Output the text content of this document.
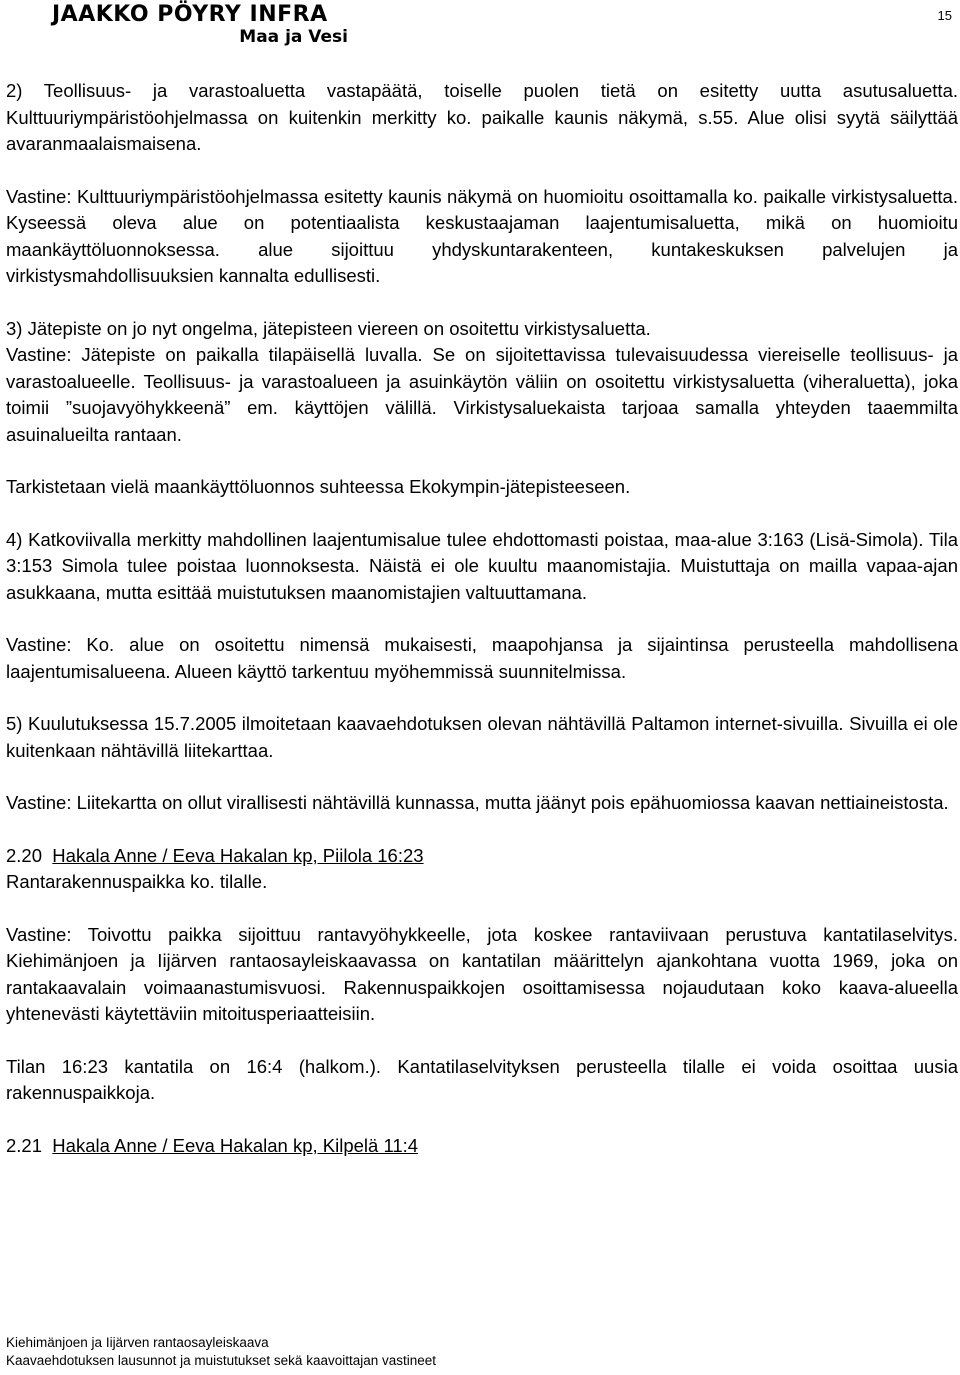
JAAKKO PÖYRY INFRA
Maa ja Vesi
15

2) Teollisuus- ja varastoaluetta vastapäätä, toiselle puolen tietä on esitetty uutta asutusaluetta. Kulttuuriympäristöohjelmassa on kuitenkin merkitty ko. paikalle kaunis näkymä, s.55. Alue olisi syytä säilyttää avaranmaalaismaisena.

Vastine: Kulttuuriympäristöohjelmassa esitetty kaunis näkymä on huomioitu osoittamalla ko. paikalle virkistysaluetta. Kyseessä oleva alue on potentiaalista keskustaajaman laajentumisaluetta, mikä on huomioitu maankäyttöluonnoksessa. alue sijoittuu yhdyskuntarakenteen, kuntakeskuksen palvelujen ja virkistysmahdollisuuksien kannalta edullisesti.

3) Jätepiste on jo nyt ongelma, jätepisteen viereen on osoitettu virkistysaluetta.

Vastine: Jätepiste on paikalla tilapäisellä luvalla. Se on sijoitettavissa tulevaisuudessa viereiselle teollisuus- ja varastoalueelle. Teollisuus- ja varastoalueen ja asuinkäytön väliin on osoitettu virkistysaluetta (viheraluetta), joka toimii ”suojavyöhykkeenä” em. käyttöjen välillä. Virkistysaluekaista tarjoaa samalla yhteyden taaemmilta asuinalueilta rantaan.

Tarkistetaan vielä maankäyttöluonnos suhteessa Ekokympin-jätepisteeseen.

4) Katkoviivalla merkitty mahdollinen laajentumisalue tulee ehdottomasti poistaa, maa-alue 3:163 (Lisä-Simola). Tila 3:153 Simola tulee poistaa luonnoksesta. Näistä ei ole kuultu maanomistajia. Muistuttaja on mailla vapaa-ajan asukkaana, mutta esittää muistutuksen maanomistajien valtuuttamana.

Vastine: Ko. alue on osoitettu nimensä mukaisesti, maapohjansa ja sijaintinsa perusteella mahdollisena laajentumisalueena. Alueen käyttö tarkentuu myöhemmissä suunnitelmissa.

5) Kuulutuksessa 15.7.2005 ilmoitetaan kaavaehdotuksen olevan nähtävillä Paltamon internet-sivuilla. Sivuilla ei ole kuitenkaan nähtävillä liitekarttaa.

Vastine: Liitekartta on ollut virallisesti nähtävillä kunnassa, mutta jäänyt pois epähuomiossa kaavan nettiaineistosta.

2.20 Hakala Anne / Eeva Hakalan kp, Piilola 16:23

Rantarakennuspaikka ko. tilalle.

Vastine: Toivottu paikka sijoittuu rantavyöhykkeelle, jota koskee rantaviivaan perustuva kantatilaselvitys. Kiehimänjoen ja Iijärven rantaosayleiskaavassa on kantatilan määrittelyn ajankohtana vuotta 1969, joka on rantakaavalain voimaanastumisvuosi. Rakennuspaikkojen osoittamisessa nojaudutaan koko kaava-alueella yhtenevästi käytettäviin mitoitusperiaatteisiin.

Tilan 16:23 kantatila on 16:4 (halkom.). Kantatilaselvityksen perusteella tilalle ei voida osoittaa uusia rakennuspaikkoja.

2.21 Hakala Anne / Eeva Hakalan kp, Kilpelä 11:4
Kiehimänjoen ja Iijärven rantaosayleiskaava
Kaavaehdotuksen lausunnot ja muistutukset sekä kaavoittajan vastineet
